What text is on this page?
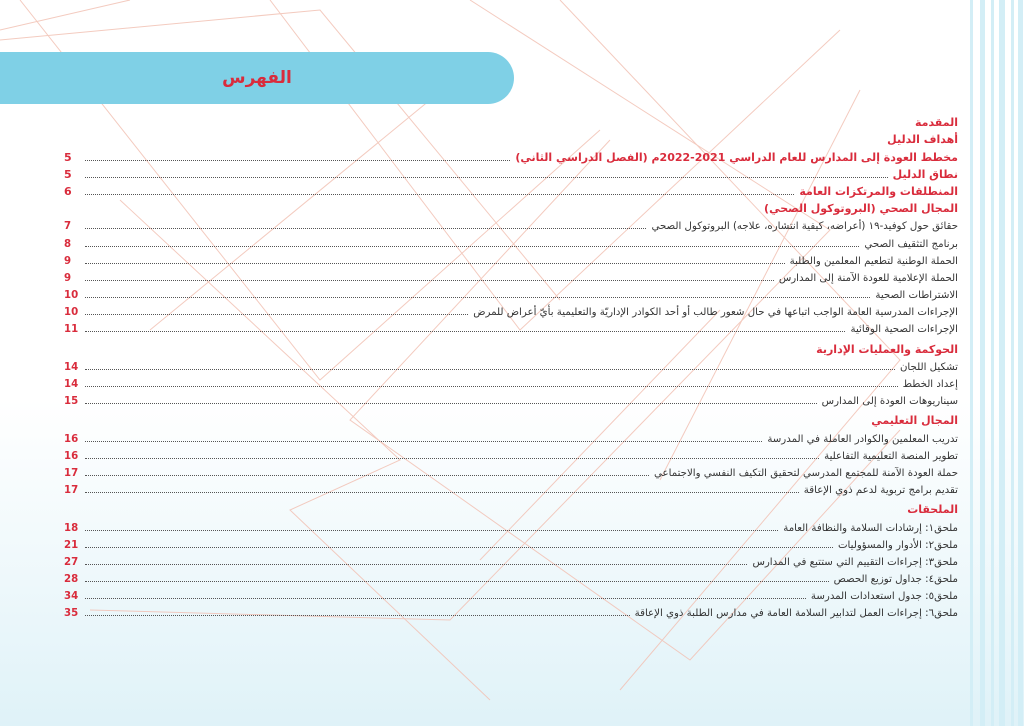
الفهرس
المقدمة
أهداف الدليل
مخطط العودة إلى المدارس للعام الدراسي 2021-2022م (الفصل الدراسي الثاني)
5
نطاق الدليل
5
المنطلقات والمرتكزات العامة
6
المجال الصحي (البروتوكول الصحي)
حقائق حول كوفيد-١٩ (أعراضه، كيفية انتشاره، علاجه) البروتوكول الصحي
7
برنامج التثقيف الصحي
8
الحملة الوطنية لتطعيم المعلمين والطلبة
9
الحملة الإعلامية للعودة الآمنة إلى المدارس
9
الاشتراطات الصحية
10
الإجراءات المدرسية العامة الواجب اتباعها في حال شعور طالب أو أحد الكوادر الإداريّة والتعليمية بأيّ أعراض للمرض
10
الإجراءات الصحية الوقائية
11
الحوكمة والعمليات الإدارية
تشكيل اللجان
14
إعداد الخطط
14
سيناريوهات العودة إلى المدارس
15
المجال التعليمي
تدريب المعلمين والكوادر العاملة في المدرسة
16
تطوير المنصة التعليمية التفاعلية
16
حملة العودة الآمنة للمجتمع المدرسي لتحقيق التكيف النفسي والاجتماعي
17
تقديم برامج تربوية لدعم ذوي الإعاقة
17
الملحقات
ملحق١: إرشادات السلامة والنظافة العامة
18
ملحق٢: الأدوار والمسؤوليات
21
ملحق٣: إجراءات التقييم التي ستتبع في المدارس
27
ملحق٤: جداول توزيع الحصص
28
ملحق٥: جدول استعدادات المدرسة
34
ملحق٦: إجراءات العمل لتدابير السلامة العامة في مدارس الطلبة ذوي الإعاقة
35
